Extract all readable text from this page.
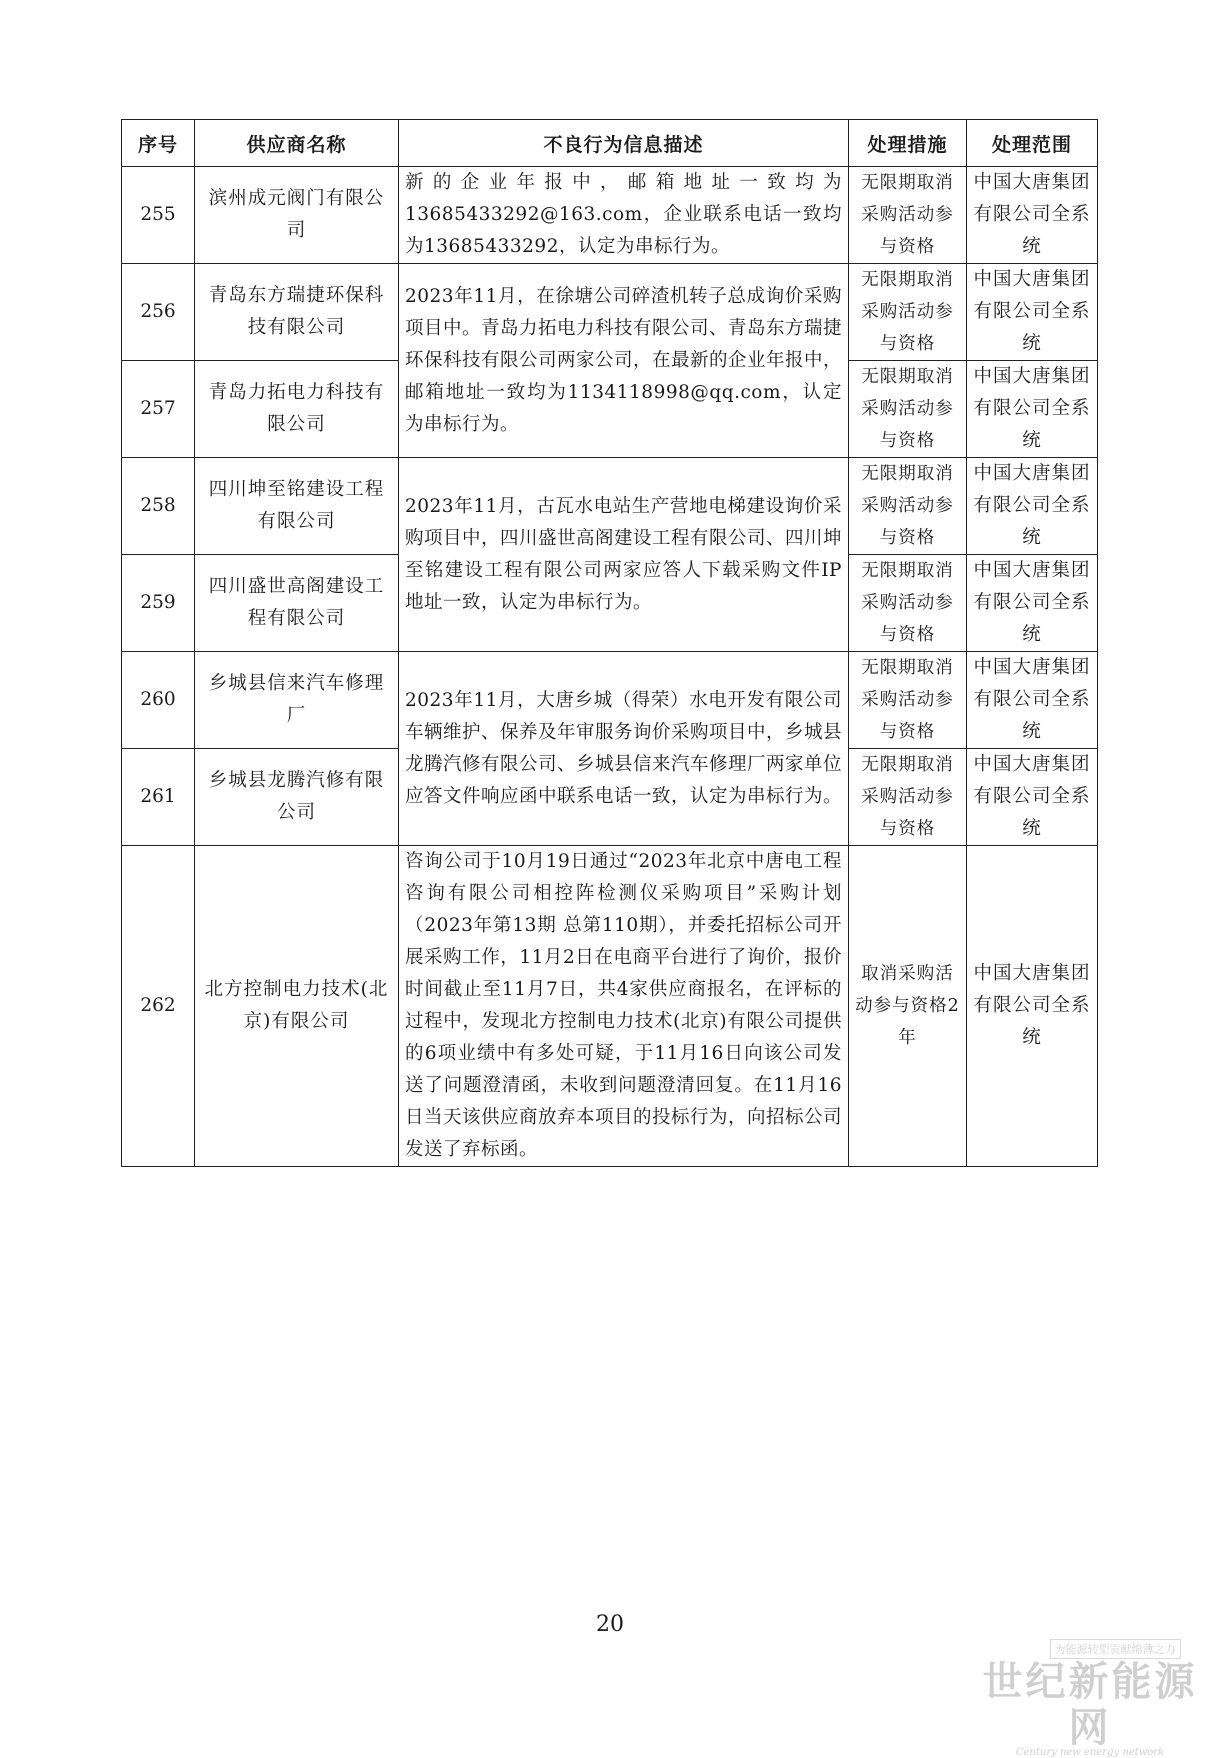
序号	供应商名称	不良行为信息描述	处理措施	处理范围
255	滨州成元阀门有限公司	新的企业年报中，邮箱地址一致均为13685433292@163.com，企业联系电话一致均为13685433292，认定为串标行为。	无限期取消采购活动参与资格	中国大唐集团有限公司全系统
256	青岛东方瑞捷环保科技有限公司	2023年11月，在徐塘公司碎渣机转子总成询价采购项目中。青岛力拓电力科技有限公司、青岛东方瑞捷环保科技有限公司两家公司，在最新的企业年报中，邮箱地址一致均为1134118998@qq.com，认定为串标行为。	无限期取消采购活动参与资格	中国大唐集团有限公司全系统
257	青岛力拓电力科技有限公司		无限期取消采购活动参与资格	中国大唐集团有限公司全系统
258	四川坤至铭建设工程有限公司	2023年11月，古瓦水电站生产营地电梯建设询价采购项目中，四川盛世高阁建设工程有限公司、四川坤至铭建设工程有限公司两家应答人下载采购文件IP地址一致，认定为串标行为。	无限期取消采购活动参与资格	中国大唐集团有限公司全系统
259	四川盛世高阁建设工程有限公司		无限期取消采购活动参与资格	中国大唐集团有限公司全系统
260	乡城县信来汽车修理厂	2023年11月，大唐乡城（得荣）水电开发有限公司车辆维护、保养及年审服务询价采购项目中，乡城县龙腾汽修有限公司、乡城县信来汽车修理厂两家单位应答文件响应函中联系电话一致，认定为串标行为。	无限期取消采购活动参与资格	中国大唐集团有限公司全系统
261	乡城县龙腾汽修有限公司		无限期取消采购活动参与资格	中国大唐集团有限公司全系统
262	北方控制电力技术(北京)有限公司	咨询公司于10月19日通过“2023年北京中唐电工程咨询有限公司相控阵检测仪采购项目”采购计划（2023年第13期 总第110期），并委托招标公司开展采购工作，11月2日在电商平台进行了询价，报价时间截止至11月7日，共4家供应商报名，在评标的过程中，发现北方控制电力技术(北京)有限公司提供的6项业绩中有多处可疑，于11月16日向该公司发送了问题澄清函，未收到问题澄清回复。在11月16日当天该供应商放弃本项目的投标行为，向招标公司发送了弃标函。	取消采购活动参与资格2年	中国大唐集团有限公司全系统
20
为能源转型贡献绵薄之力
世纪新能源网
Century new energy network
